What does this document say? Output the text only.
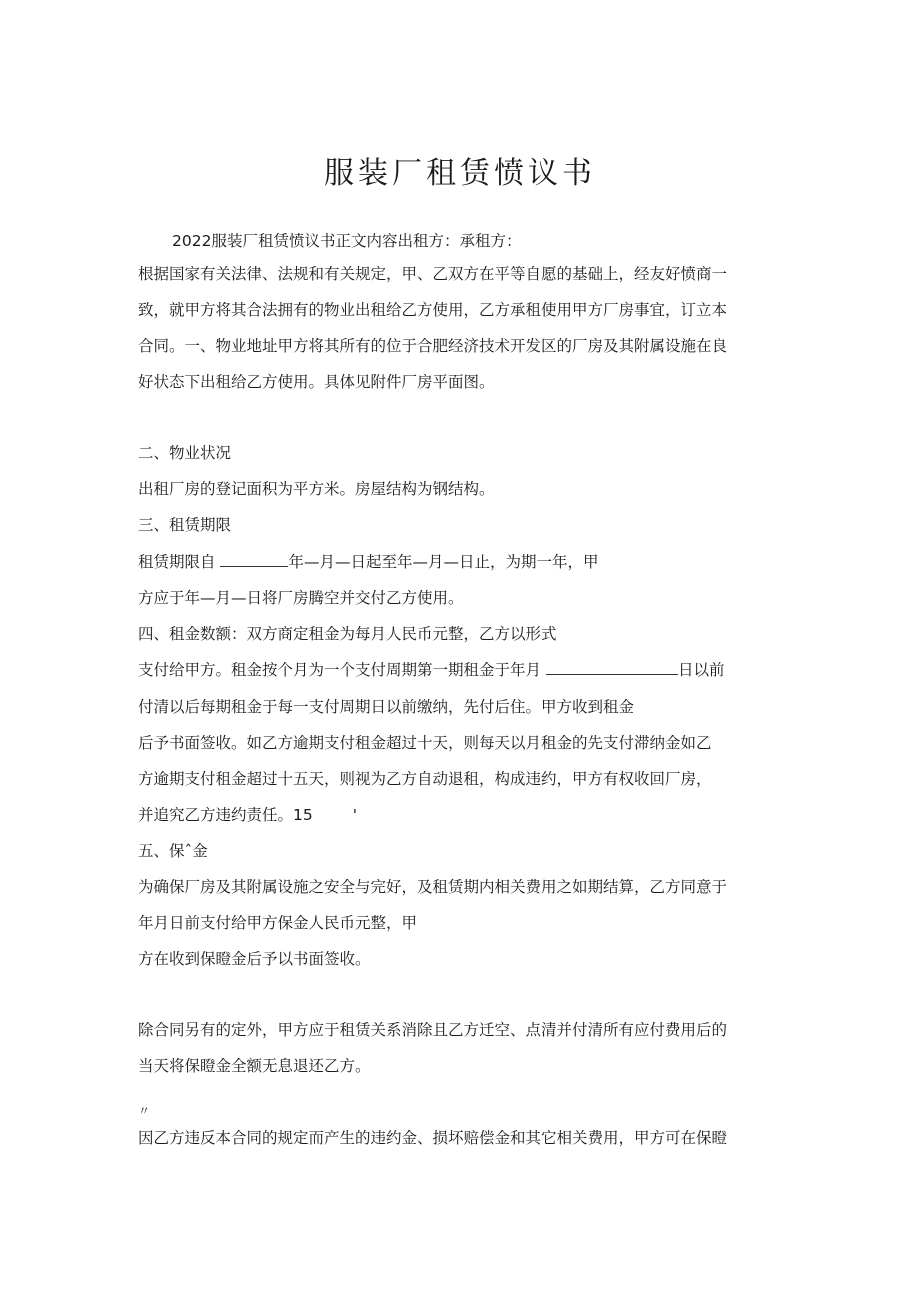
服装厂租赁愤议书
2022服装厂租赁愤议书正文内容出租方：承租方：
根据国家有关法律、法规和有关规定，甲、乙双方在平等自愿的基础上，经友好愤商一
致，就甲方将其合法拥有的物业出租给乙方使用，乙方承租使用甲方厂房事宜，订立本
合同。一、物业地址甲方将其所有的位于合肥经济技术开发区的厂房及其附属设施在良
好状态下出租给乙方使用。具体见附件厂房平面图。
二、物业状况
出租厂房的登记面积为平方米。房屋结构为钢结构。
三、租赁期限
租赁期限自	年—月—日起至年—月—日止，为期一年，甲
方应于年—月—日将厂房腾空并交付乙方使用。
四、租金数额：双方商定租金为每月人民币元整，乙方以形式
支付给甲方。租金按个月为一个支付周期第一期租金于年月	日以前
付清以后每期租金于每一支付周期日以前缴纳，先付后住。甲方收到租金
后予书面签收。如乙方逾期支付租金超过十天，则每天以月租金的先支付滞纳金如乙
方逾期支付租金超过十五天，则视为乙方自动退租，构成违约，甲方有权收回厂房，
并追究乙方违约责任。15	'
五、保ˆ金
为确保厂房及其附属设施之安全与完好，及租赁期内相关费用之如期结算，乙方同意于
年月日前支付给甲方保金人民币元整，甲
方在收到保瞪金后予以书面签收。
除合同另有的定外，甲方应于租赁关系消除且乙方迁空、点清并付清所有应付费用后的
当天将保瞪金全额无息退还乙方。
〃
因乙方违反本合同的规定而产生的违约金、损坏赔偿金和其它相关费用，甲方可在保瞪
